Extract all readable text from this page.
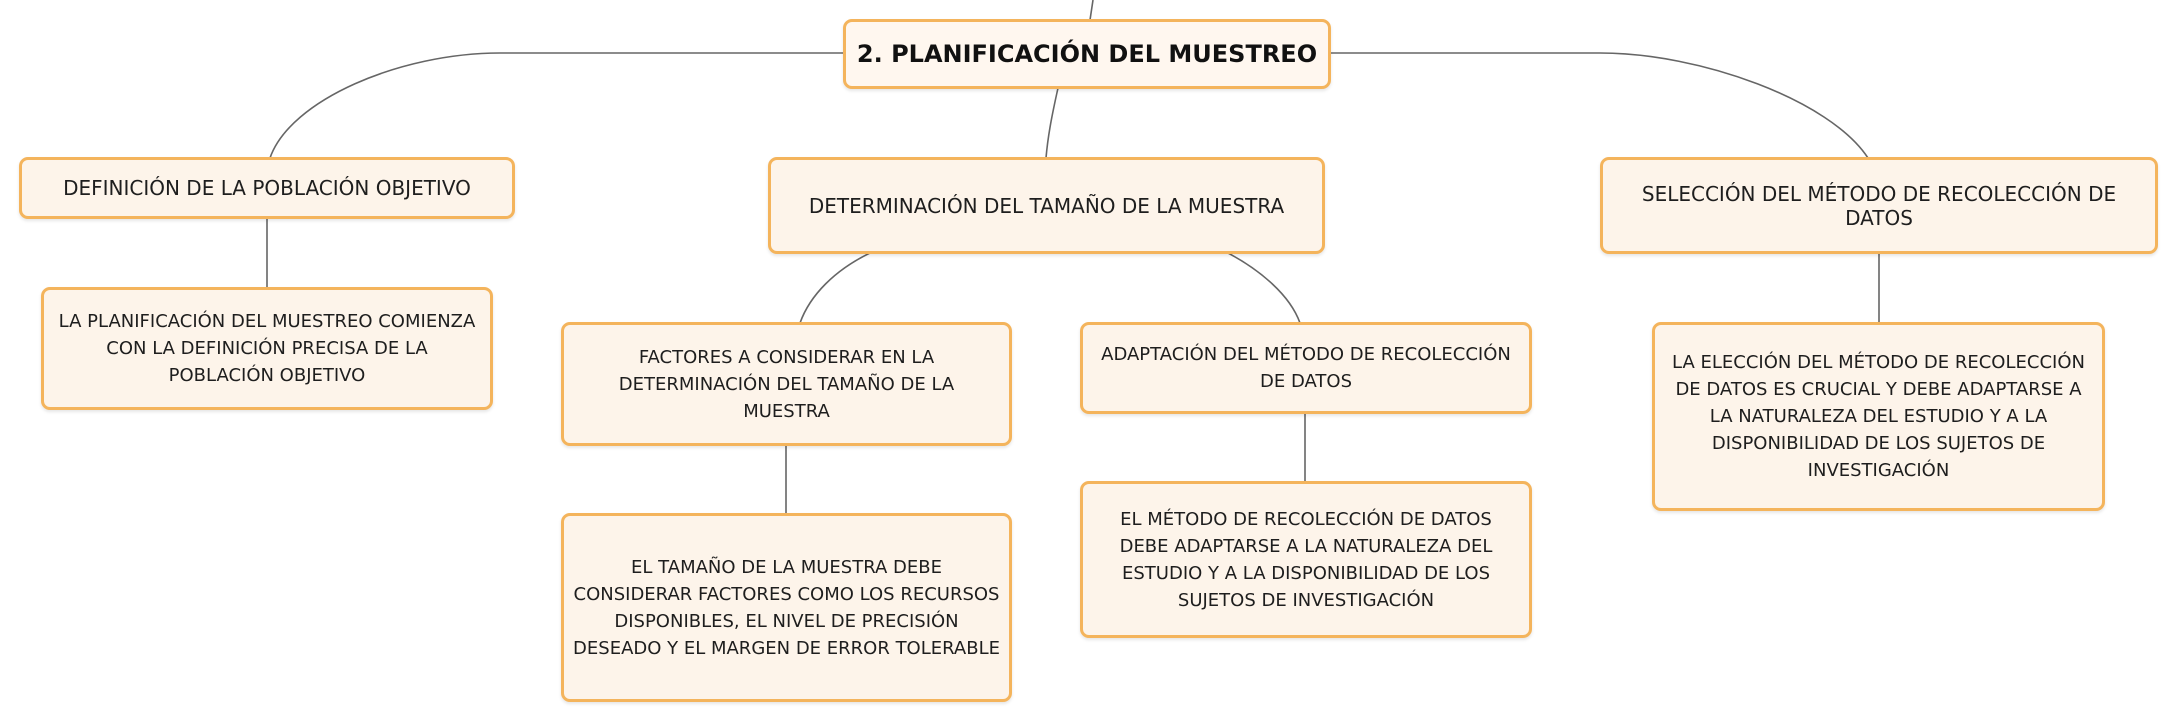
2. PLANIFICACIÓN DEL MUESTREO
DEFINICIÓN DE LA POBLACIÓN OBJETIVO
DETERMINACIÓN DEL TAMAÑO DE LA MUESTRA	SELECCIÓN DEL MÉTODO DE RECOLECCIÓN DE DATOS
LA PLANIFICACIÓN DEL MUESTREO COMIENZA CON LA DEFINICIÓN PRECISA DE LA POBLACIÓN OBJETIVO
FACTORES A CONSIDERAR EN LA DETERMINACIÓN DEL TAMAÑO DE LA MUESTRA
ADAPTACIÓN DEL MÉTODO DE RECOLECCIÓN DE DATOS
LA ELECCIÓN DEL MÉTODO DE RECOLECCIÓN DE DATOS ES CRUCIAL Y DEBE ADAPTARSE A LA NATURALEZA DEL ESTUDIO Y A LA DISPONIBILIDAD DE LOS SUJETOS DE INVESTIGACIÓN
EL TAMAÑO DE LA MUESTRA DEBE CONSIDERAR FACTORES COMO LOS RECURSOS DISPONIBLES, EL NIVEL DE PRECISIÓN DESEADO Y EL MARGEN DE ERROR TOLERABLE
EL MÉTODO DE RECOLECCIÓN DE DATOS DEBE ADAPTARSE A LA NATURALEZA DEL ESTUDIO Y A LA DISPONIBILIDAD DE LOS SUJETOS DE INVESTIGACIÓN
